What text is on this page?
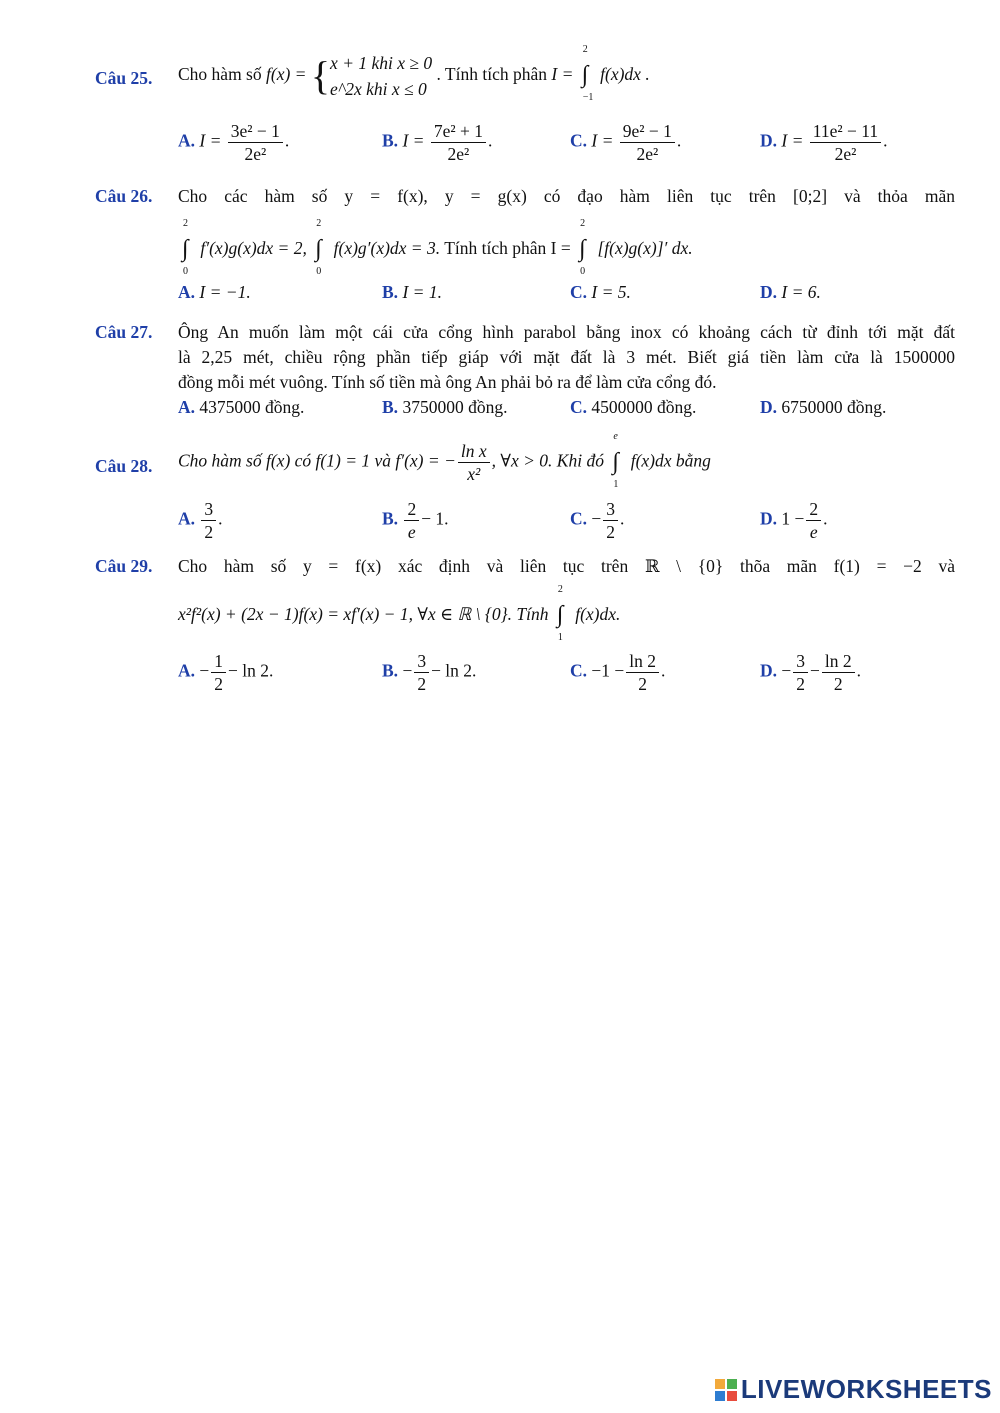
Câu 25. Cho hàm số f(x) = { x + 1 khi x ≥ 0
e^2x khi x ≤ 0
. Tính tích phân I =
2
∫
−1
f(x)dx .
A. $I = \frac{\text{3e² − 1}}{\text{2e²}}$ .	B. $I = \frac{\text{7e² + 1}}{\text{2e²}}$ .	C. $I = \frac{\text{9e² − 1}}{\text{2e²}}$ .	D. $I = \frac{\text{11e² − 11}}{\text{2e²}}$ .
Câu 26. Cho các hàm số y = f(x), y = g(x) có đạo hàm liên tục trên [0;2] và thỏa mãn
2
∫
0
f′(x)g(x)dx = 2,
2
∫
0
f(x)g′(x)dx = 3. Tính tích phân I =
2
∫
0
[f(x)g(x)]′ dx.
A. I = −1.	B. I = 1.	C. I = 5.	D. I = 6.
Câu 27. Ông An muốn làm một cái cửa cổng hình parabol bằng inox có khoảng cách từ đỉnh tới mặt đất
là 2,25 mét, chiều rộng phần tiếp giáp với mặt đất là 3 mét. Biết giá tiền làm cửa là 1500000
đồng mỗi mét vuông. Tính số tiền mà ông An phải bỏ ra để làm cửa cổng đó.
A. 4375000 đồng.	B. 3750000 đồng.	C. 4500000 đồng.	D. 6750000 đồng.
Câu 28. Cho hàm số f(x) có f(1) = 1 và f′(x) = − $\frac{\text{ln x}}{\text{x²}}$ , ∀x > 0. Khi đó
e
∫
1
f(x)dx bằng
A. $\frac{3}{2}$ .	B. $\frac{2}{e} - 1$.	C. − $\frac{3}{2}$ .	D. $1 - \frac{2}{e}$ .
Câu 29. Cho hàm số y = f(x) xác định và liên tục trên ℝ \ {0} thõa mãn f(1) = −2 và
x²f²(x) + (2x − 1)f(x) = xf′(x) − 1, ∀x ∈ ℝ \ {0}. Tính
2
∫
1
f(x)dx.
A. − $\frac{1}{2} - \ln 2$.	B. − $\frac{3}{2} - \ln 2$.	C. $-1 - \frac{\ln 2}{2}$ .	D. − $\frac{3}{2} - \frac{\ln 2}{2}$ .
LIVEWORKSHEETS
